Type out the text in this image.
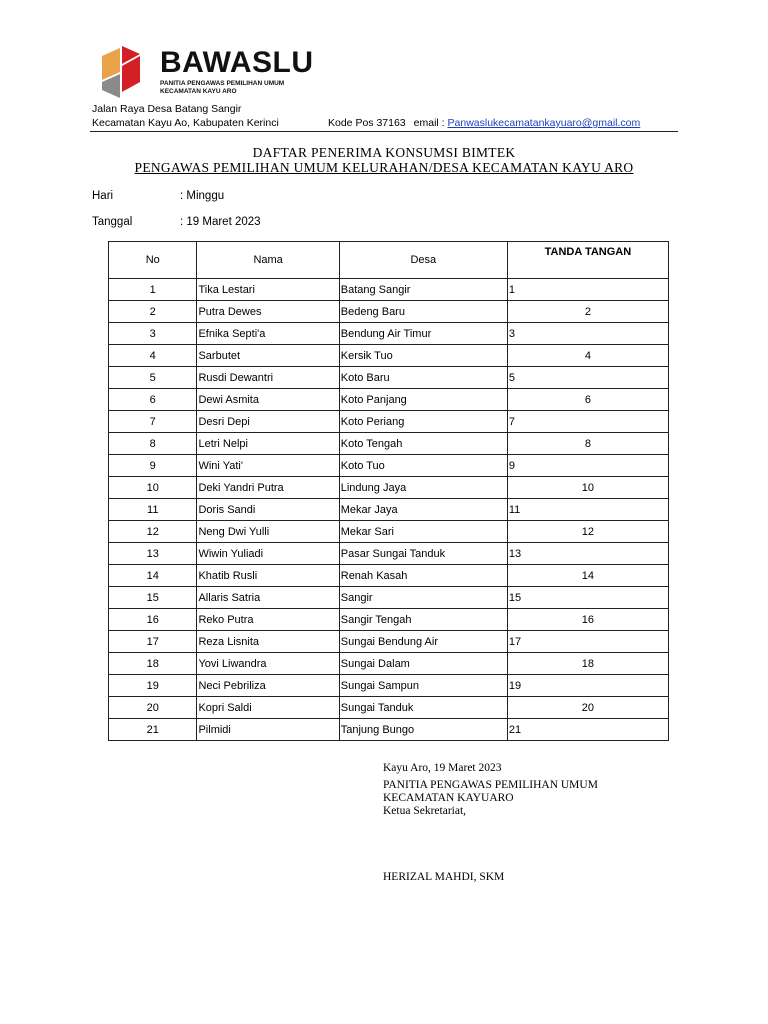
BAWASLU
PANITIA PENGAWAS PEMILIHAN UMUM
KECAMATAN KAYU ARO
Jalan Raya Desa Batang Sangir
Kecamatan Kayu Ao, Kabupaten Kerinci	Kode Pos 37163 email : Panwaslukecamatankayuaro@gmail.com
DAFTAR PENERIMA KONSUMSI BIMTEK
PENGAWAS PEMILIHAN UMUM KELURAHAN/DESA KECAMATAN KAYU ARO
Hari	: Minggu
Tanggal	: 19 Maret 2023
No	Nama	Desa	TANDA TANGAN
1	Tika Lestari	Batang Sangir	1
2	Putra Dewes	Bedeng Baru	2
3	Efnika Septi'a	Bendung Air Timur	3
4	Sarbutet	Kersik Tuo	4
5	Rusdi Dewantri	Koto Baru	5
6	Dewi Asmita	Koto Panjang	6
7	Desri Depi	Koto Periang	7
8	Letri Nelpi	Koto Tengah	8
9	Wini Yati'	Koto Tuo	9
10	Deki Yandri Putra	Lindung Jaya	10
11	Doris Sandi	Mekar Jaya	11
12	Neng Dwi Yulli	Mekar Sari	12
13	Wiwin Yuliadi	Pasar Sungai Tanduk	13
14	Khatib Rusli	Renah Kasah	14
15	Allaris Satria	Sangir	15
16	Reko Putra	Sangir Tengah	16
17	Reza Lisnita	Sungai Bendung Air	17
18	Yovi Liwandra	Sungai Dalam	18
19	Neci Pebriliza	Sungai Sampun	19
20	Kopri Saldi	Sungai Tanduk	20
21	Pilmidi	Tanjung Bungo	21
Kayu Aro, 19 Maret 2023
PANITIA PENGAWAS PEMILIHAN UMUM
KECAMATAN KAYUARO
Ketua Sekretariat,
HERIZAL MAHDI, SKM
